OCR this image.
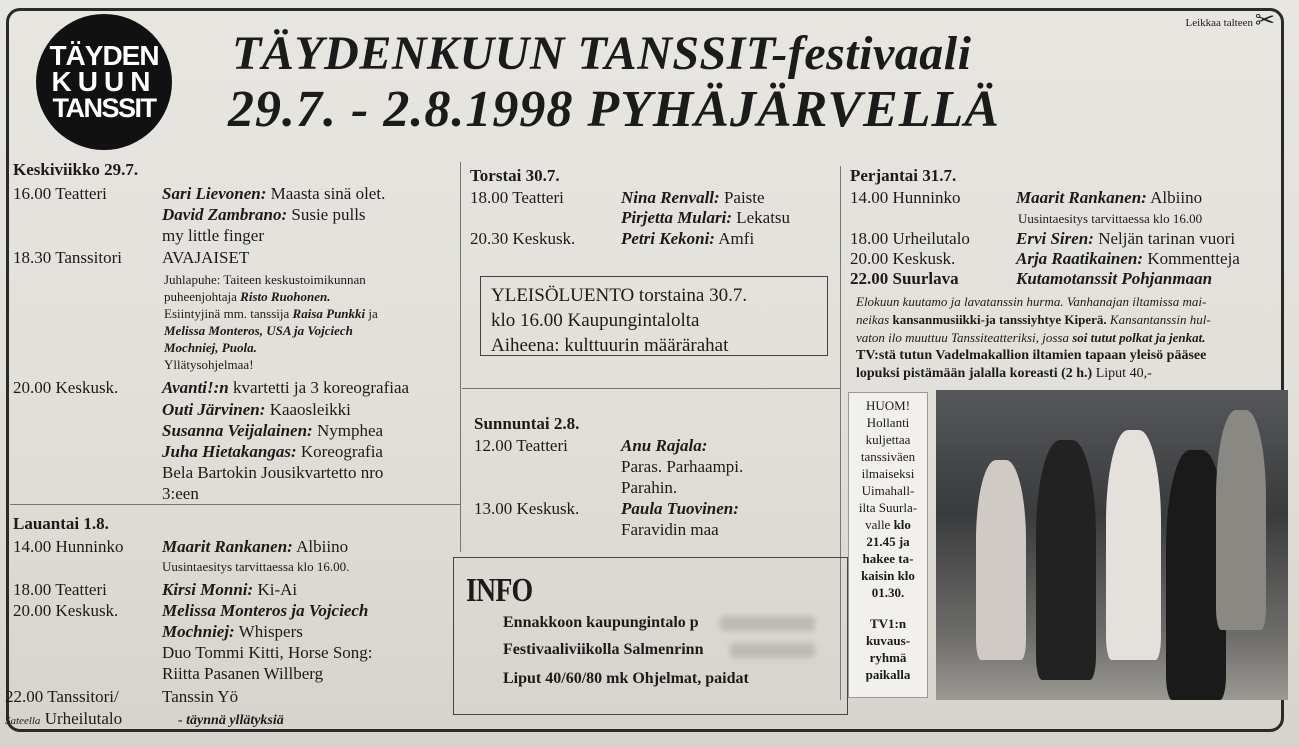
Leikkaa talteen ✂
TÄYDEN
KUUN
TANSSIT
TÄYDENKUUN TANSSIT-festivaali
29.7. - 2.8.1998 PYHÄJÄRVELLÄ
Keskiviikko 29.7.
16.00 Teatteri	Sari Lievonen: Maasta sinä olet.
David Zambrano: Susie pulls
my little finger
18.30 Tanssitori AVAJAISET
Juhlapuhe: Taiteen keskustoimikunnan
puheenjohtaja Risto Ruohonen.
Esiintyjinä mm. tanssija Raisa Punkki ja
Melissa Monteros, USA ja Vojciech
Mochniej, Puola.
Yllätysohjelmaa!
20.00 Keskusk.	Avanti!:n kvartetti ja 3 koreografiaa
Outi Järvinen: Kaaosleikki
Susanna Veijalainen: Nymphea
Juha Hietakangas: Koreografia
Bela Bartokin Jousikvartetto nro
3:een
Lauantai 1.8.
14.00 Hunninko Maarit Rankanen: Albiino
Uusintaesitys tarvittaessa klo 16.00.
18.00 Teatteri	Kirsi Monni: Ki-Ai
20.00 Keskusk.	Melissa Monteros ja Vojciech
Mochniej: Whispers
Duo Tommi Kitti, Horse Song:
Riitta Pasanen Willberg
22.00 Tanssitori/	Tanssin Yö
Sateella Urheilutalo	- täynnä yllätyksiä
Torstai 30.7.
18.00 Teatteri	Nina Renvall: Paiste
Pirjetta Mulari: Lekatsu
20.30 Keskusk.	Petri Kekoni: Amfi
YLEISÖLUENTO torstaina 30.7.
klo 16.00 Kaupungintalolta
Aiheena: kulttuurin määrärahat
Sunnuntai 2.8.
12.00 Teatteri	Anu Rajala:
Paras. Parhaampi.
Parahin.
13.00 Keskusk. Paula Tuovinen:
Faravidin maa
INFO
Ennakkoon kaupungintalo p
Festivaaliviikolla Salmenrinn
Liput 40/60/80 mk Ohjelmat, paidat
Perjantai 31.7.
14.00 Hunninko	Maarit Rankanen: Albiino
Uusintaesitys tarvittaessa klo 16.00
18.00 Urheilutalo	Ervi Siren: Neljän tarinan vuori
20.00 Keskusk.	Arja Raatikainen: Kommentteja
22.00 Suurlava	Kutamotanssit Pohjanmaan
Elokuun kuutamo ja lavatanssin hurma. Vanhanajan iltamissa mai-
neikas kansanmusiikki-ja tanssiyhtye Kiperä. Kansantanssin hul-
vaton ilo muuttuu Tanssiteatteriksi, jossa soi tutut polkat ja jenkat.
TV:stä tutun Vadelmakallion iltamien tapaan yleisö pääsee
lopuksi pistämään jalalla koreasti (2 h.) Liput 40,-
HUOM!
Hollanti
kuljettaa
tanssiväen
ilmaiseksi
Uimahall-
ilta Suurla-
valle klo
21.45 ja
hakee ta-
kaisin klo
01.30.
TV1:n
kuvaus-
ryhmä
paikalla
